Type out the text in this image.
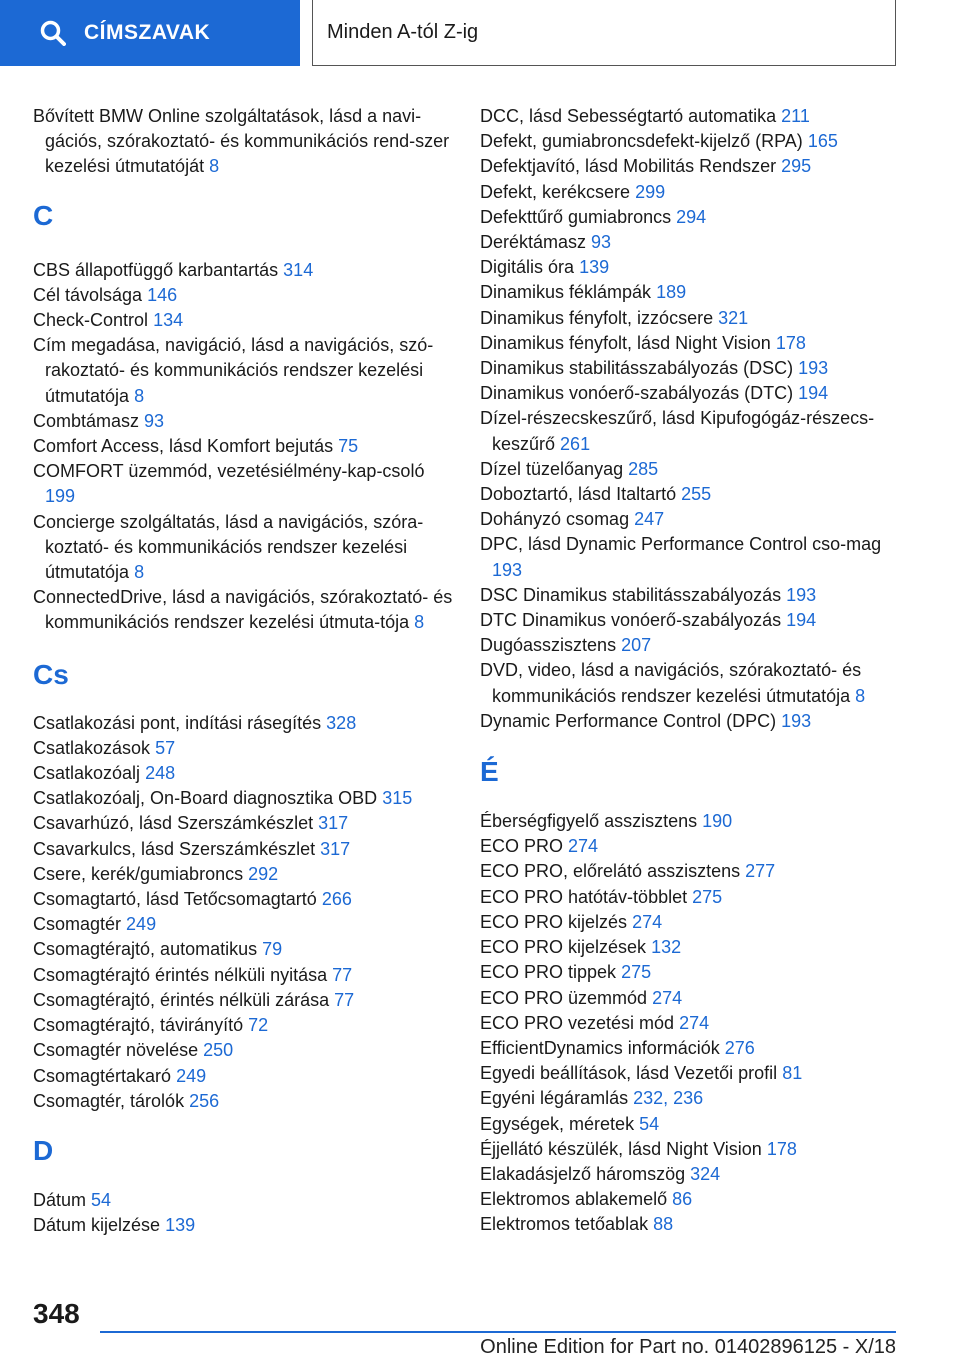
CÍMSZAVAK	Minden A-tól Z-ig
Bővített BMW Online szolgáltatások, lásd a navi‐gációs, szórakoztató- és kommunikációs rend‐szer kezelési útmutatóját 8
C
CBS állapotfüggő karbantartás 314
Cél távolsága 146
Check-Control 134
Cím megadása, navigáció, lásd a navigációs, szó‐rakoztató- és kommunikációs rendszer kezelési útmutatója 8
Combtámasz 93
Comfort Access, lásd Komfort bejutás 75
COMFORT üzemmód, vezetésiélmény-kap‐csoló 199
Concierge szolgáltatás, lásd a navigációs, szóra‐koztató- és kommunikációs rendszer kezelési útmutatója 8
ConnectedDrive, lásd a navigációs, szórakoztató- és kommunikációs rendszer kezelési útmuta‐tója 8
Cs
Csatlakozási pont, indítási rásegítés 328
Csatlakozások 57
Csatlakozóalj 248
Csatlakozóalj, On-Board diagnosztika OBD 315
Csavarhúzó, lásd Szerszámkészlet 317
Csavarkulcs, lásd Szerszámkészlet 317
Csere, kerék/gumiabroncs 292
Csomagtartó, lásd Tetőcsomagtartó 266
Csomagtér 249
Csomagtérajtó, automatikus 79
Csomagtérajtó érintés nélküli nyitása 77
Csomagtérajtó, érintés nélküli zárása 77
Csomagtérajtó, távirányító 72
Csomagtér növelése 250
Csomagtértakaró 249
Csomagtér, tárolók 256
D
Dátum 54
Dátum kijelzése 139
DCC, lásd Sebességtartó automatika 211
Defekt, gumiabroncsdefekt-kijelző (RPA) 165
Defektjavító, lásd Mobilitás Rendszer 295
Defekt, kerékcsere 299
Defekttűrő gumiabroncs 294
Deréktámasz 93
Digitális óra 139
Dinamikus féklámpák 189
Dinamikus fényfolt, izzócsere 321
Dinamikus fényfolt, lásd Night Vision 178
Dinamikus stabilitásszabályozás (DSC) 193
Dinamikus vonóerő-szabályozás (DTC) 194
Dízel-részecskeszűrő, lásd Kipufogógáz-részecs‐keszűrő 261
Dízel tüzelőanyag 285
Doboztartó, lásd Italtartó 255
Dohányzó csomag 247
DPC, lásd Dynamic Performance Control cso‐mag 193
DSC Dinamikus stabilitásszabályozás 193
DTC Dinamikus vonóerő-szabályozás 194
Dugóasszisztens 207
DVD, video, lásd a navigációs, szórakoztató- és kommunikációs rendszer kezelési útmutatója 8
Dynamic Performance Control (DPC) 193
É
Éberségfigyelő asszisztens 190
ECO PRO 274
ECO PRO, előrelátó asszisztens 277
ECO PRO hatótáv-többlet 275
ECO PRO kijelzés 274
ECO PRO kijelzések 132
ECO PRO tippek 275
ECO PRO üzemmód 274
ECO PRO vezetési mód 274
EfficientDynamics információk 276
Egyedi beállítások, lásd Vezetői profil 81
Egyéni légáramlás 232, 236
Egységek, méretek 54
Éjjellátó készülék, lásd Night Vision 178
Elakadásjelző háromszög 324
Elektromos ablakemelő 86
Elektromos tetőablak 88
348
Online Edition for Part no. 01402896125 - X/18
